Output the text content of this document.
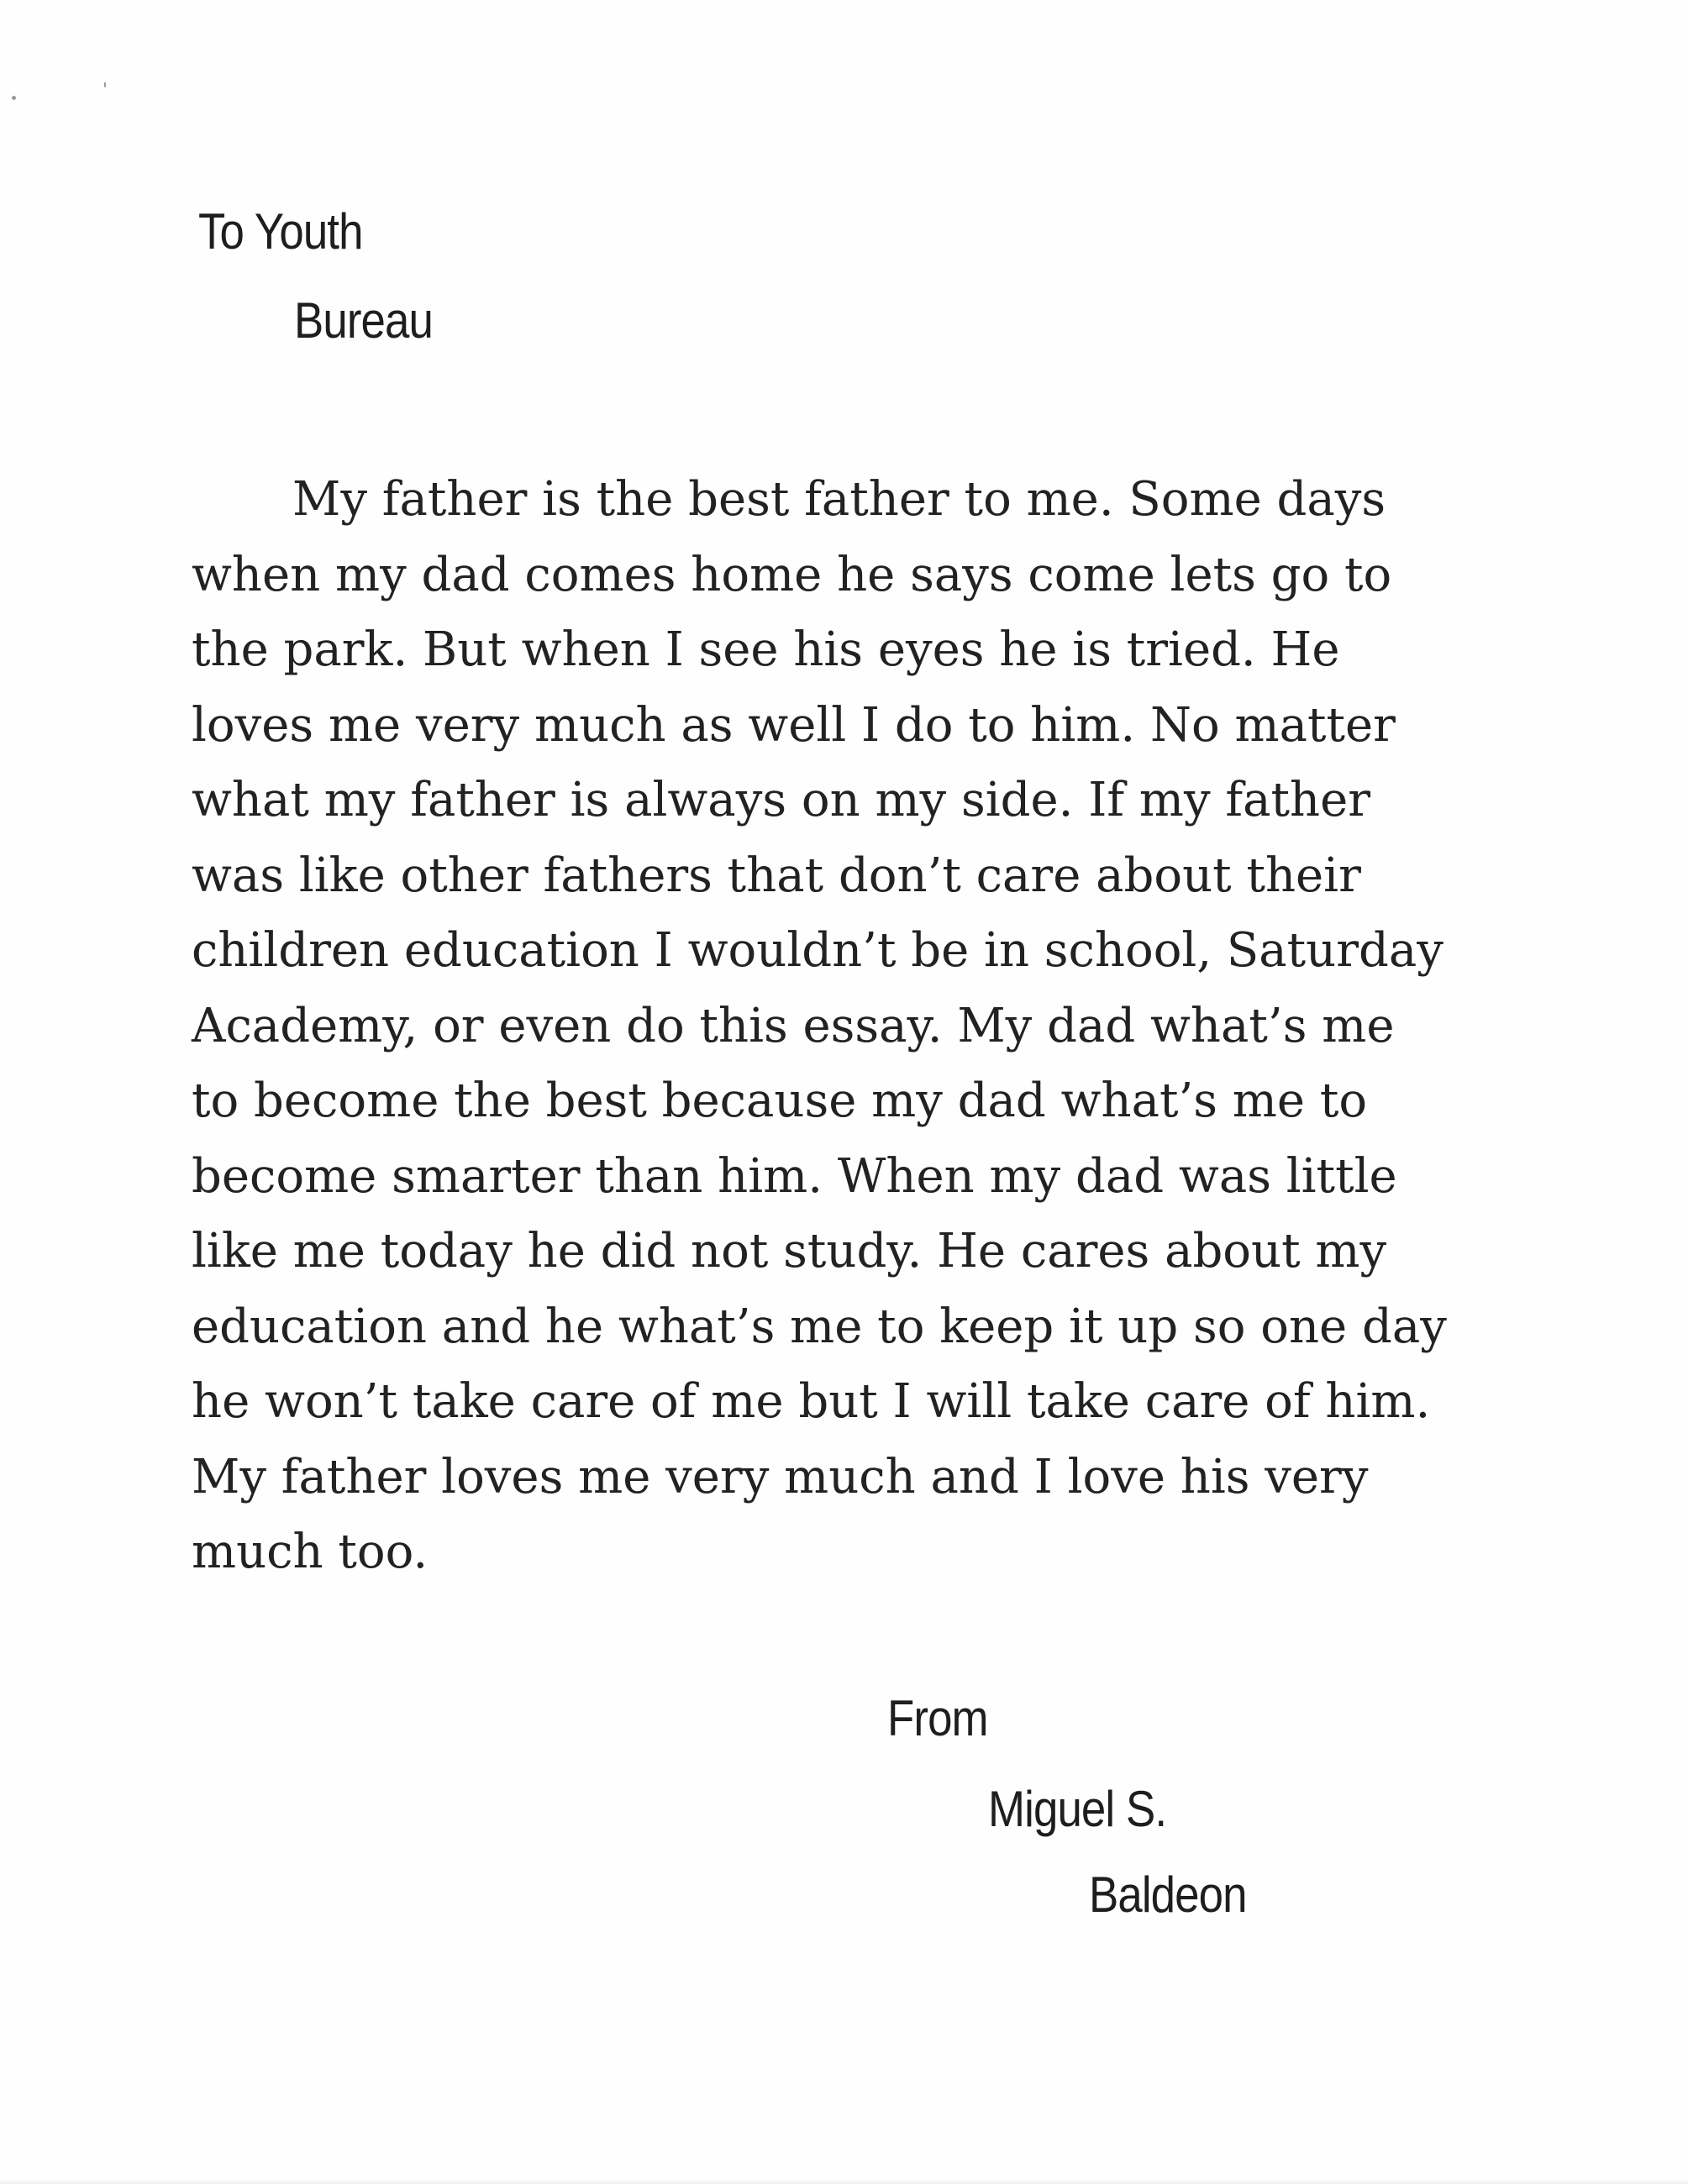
To Youth
Bureau
My father is the best father to me. Some days
when my dad comes home he says come lets go to
the park. But when I see his eyes he is tried. He
loves me very much as well I do to him. No matter
what my father is always on my side. If my father
was like other fathers that don’t care about their
children education I wouldn’t be in school, Saturday
Academy, or even do this essay. My dad what’s me
to become the best because my dad what’s me to
become smarter than him. When my dad was little
like me today he did not study. He cares about my
education and he what’s me to keep it up so one day
he won’t take care of me but I will take care of him.
My father loves me very much and I love his very
much too.
From
Miguel S.
Baldeon
